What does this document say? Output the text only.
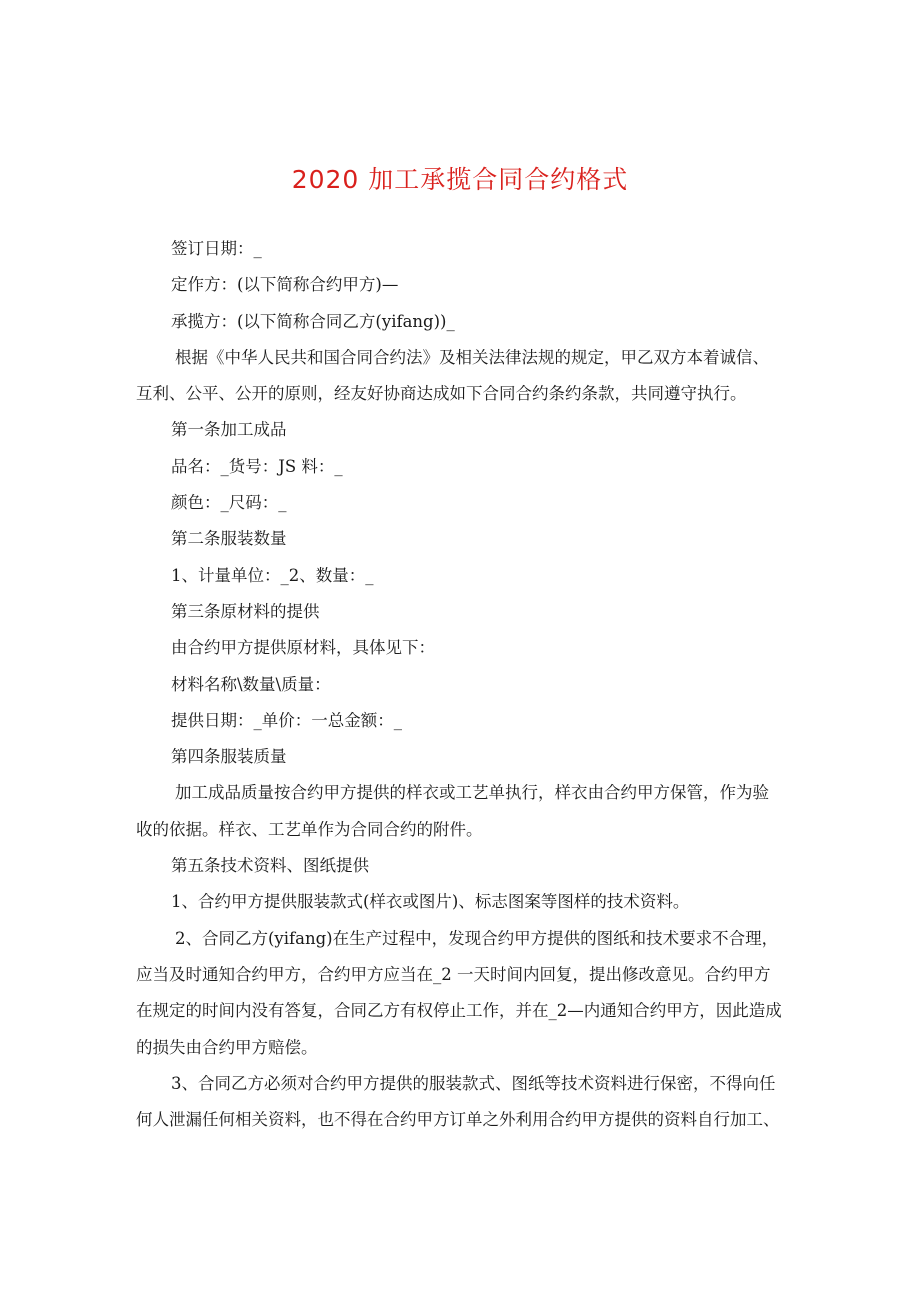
2020 加工承揽合同合约格式
签订日期：_
定作方：(以下简称合约甲方)—
承揽方：(以下简称合同乙方(yifang))_
根据《中华人民共和国合同合约法》及相关法律法规的规定，甲乙双方本着诚信、
互利、公平、公开的原则，经友好协商达成如下合同合约条约条款，共同遵守执行。
第一条加工成品
品名：_货号：JS 料：_
颜色：_尺码：_
第二条服装数量
1、计量单位：_2、数量：_
第三条原材料的提供
由合约甲方提供原材料，具体见下：
材料名称\数量\质量：
提供日期：_单价：一总金额：_
第四条服装质量
加工成品质量按合约甲方提供的样衣或工艺单执行，样衣由合约甲方保管，作为验
收的依据。样衣、工艺单作为合同合约的附件。
第五条技术资料、图纸提供
1、合约甲方提供服装款式(样衣或图片)、标志图案等图样的技术资料。
2、合同乙方(yifang)在生产过程中，发现合约甲方提供的图纸和技术要求不合理，
应当及时通知合约甲方，合约甲方应当在_2 一天时间内回复，提出修改意见。合约甲方
在规定的时间内没有答复，合同乙方有权停止工作，并在_2—内通知合约甲方，因此造成
的损失由合约甲方赔偿。
3、合同乙方必须对合约甲方提供的服装款式、图纸等技术资料进行保密，不得向任
何人泄漏任何相关资料，也不得在合约甲方订单之外利用合约甲方提供的资料自行加工、
